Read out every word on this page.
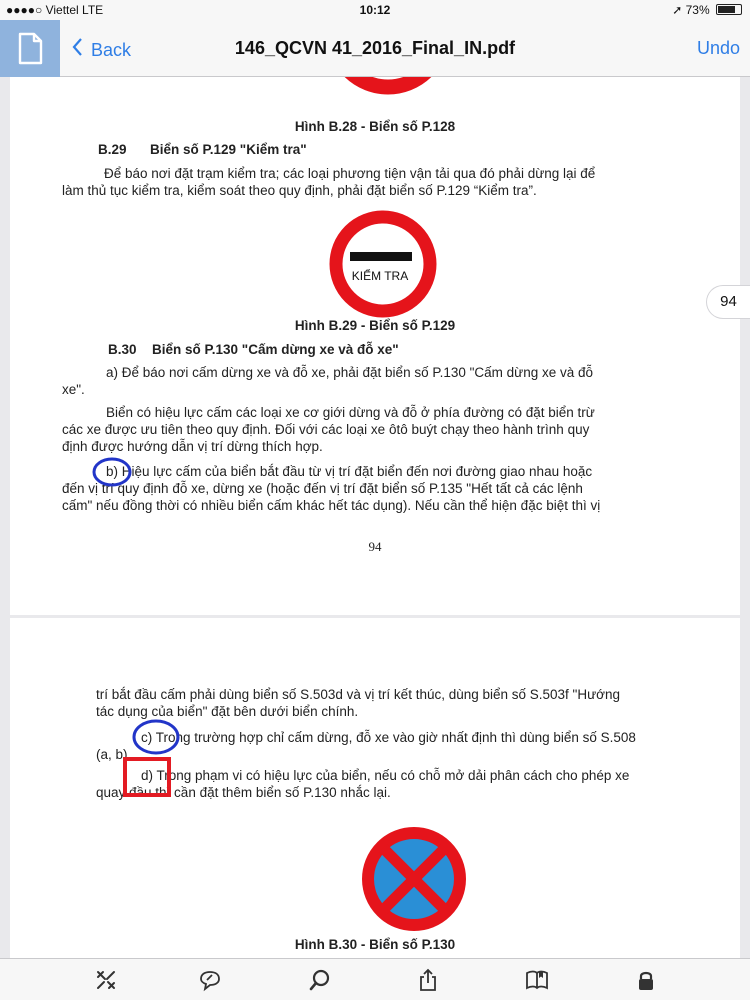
●●●●○ Viettel LTE	10:12	➚ 73%
Back	146_QCVN 41_2016_Final_IN.pdf	Undo
Hình B.28 - Biển số P.128
B.29 Biển số P.129 "Kiểm tra"
Để báo nơi đặt trạm kiểm tra; các loại phương tiện vận tải qua đó phải dừng lại để
làm thủ tục kiểm tra, kiểm soát theo quy định, phải đặt biển số P.129 “Kiểm tra”.
KIỂM TRA
Hình B.29 - Biển số P.129
B.30 Biển số P.130 "Cấm dừng xe và đỗ xe"
a) Để báo nơi cấm dừng xe và đỗ xe, phải đặt biển số P.130 "Cấm dừng xe và đỗ
xe".
Biển có hiệu lực cấm các loại xe cơ giới dừng và đỗ ở phía đường có đặt biển trừ
các xe được ưu tiên theo quy định. Đối với các loại xe ôtô buýt chạy theo hành trình quy
định được hướng dẫn vị trí dừng thích hợp.
b) Hiệu lực cấm của biển bắt đầu từ vị trí đặt biển đến nơi đường giao nhau hoặc
đến vị trí quy định đỗ xe, dừng xe (hoặc đến vị trí đặt biển số P.135 "Hết tất cả các lệnh
cấm" nếu đồng thời có nhiều biển cấm khác hết tác dụng). Nếu cần thể hiện đặc biệt thì vị
94
trí bắt đầu cấm phải dùng biển số S.503d và vị trí kết thúc, dùng biển số S.503f "Hướng
tác dụng của biển" đặt bên dưới biển chính.
c) Trong trường hợp chỉ cấm dừng, đỗ xe vào giờ nhất định thì dùng biển số S.508
(a, b).
d) Trong phạm vi có hiệu lực của biển, nếu có chỗ mở dải phân cách cho phép xe
quay đầu thì cần đặt thêm biển số P.130 nhắc lại.
Hình B.30 - Biển số P.130
94
